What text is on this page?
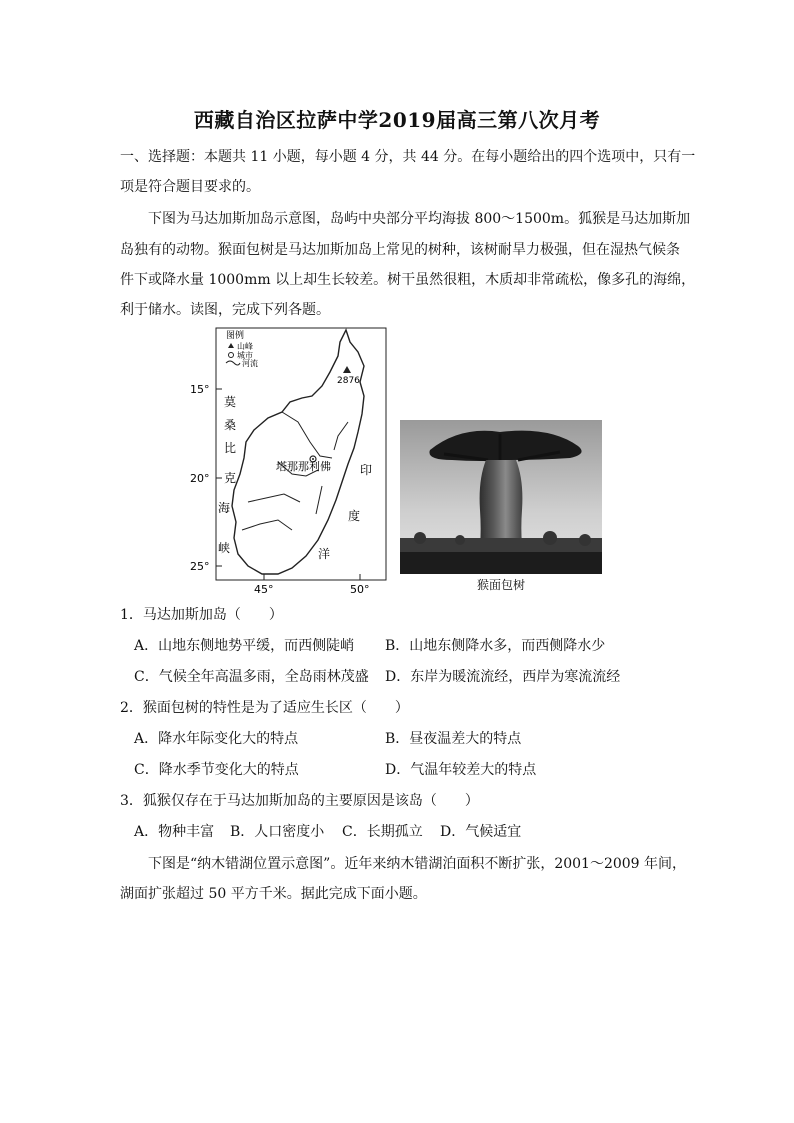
西藏自治区拉萨中学2019届高三第八次月考
一、选择题：本题共 11 小题，每小题 4 分，共 44 分。在每小题给出的四个选项中，只有一
项是符合题目要求的。
下图为马达加斯加岛示意图，岛屿中央部分平均海拔 800～1500m。狐猴是马达加斯加
岛独有的动物。猴面包树是马达加斯加岛上常见的树种，该树耐旱力极强，但在湿热气候条
件下或降水量 1000mm 以上却生长较差。树干虽然很粗，木质却非常疏松，像多孔的海绵，
利于储水。读图，完成下列各题。
图例
山峰
城市
河流
2876
塔那那利佛
15°
20°
25°
45°	50°
莫
桑
比
克
海
峡
印
度
洋
猴面包树
1．马达加斯加岛（　　）
A．山地东侧地势平缓，而西侧陡峭 B．山地东侧降水多，而西侧降水少
C．气候全年高温多雨，全岛雨林茂盛 D．东岸为暖流流经，西岸为寒流流经
2．猴面包树的特性是为了适应生长区（　　）
A．降水年际变化大的特点	B．昼夜温差大的特点
C．降水季节变化大的特点	D．气温年较差大的特点
3．狐猴仅存在于马达加斯加岛的主要原因是该岛（　　）
A．物种丰富 B．人口密度小 C．长期孤立 D．气候适宜
下图是“纳木错湖位置示意图”。近年来纳木错湖泊面积不断扩张，2001～2009 年间，
湖面扩张超过 50 平方千米。据此完成下面小题。
